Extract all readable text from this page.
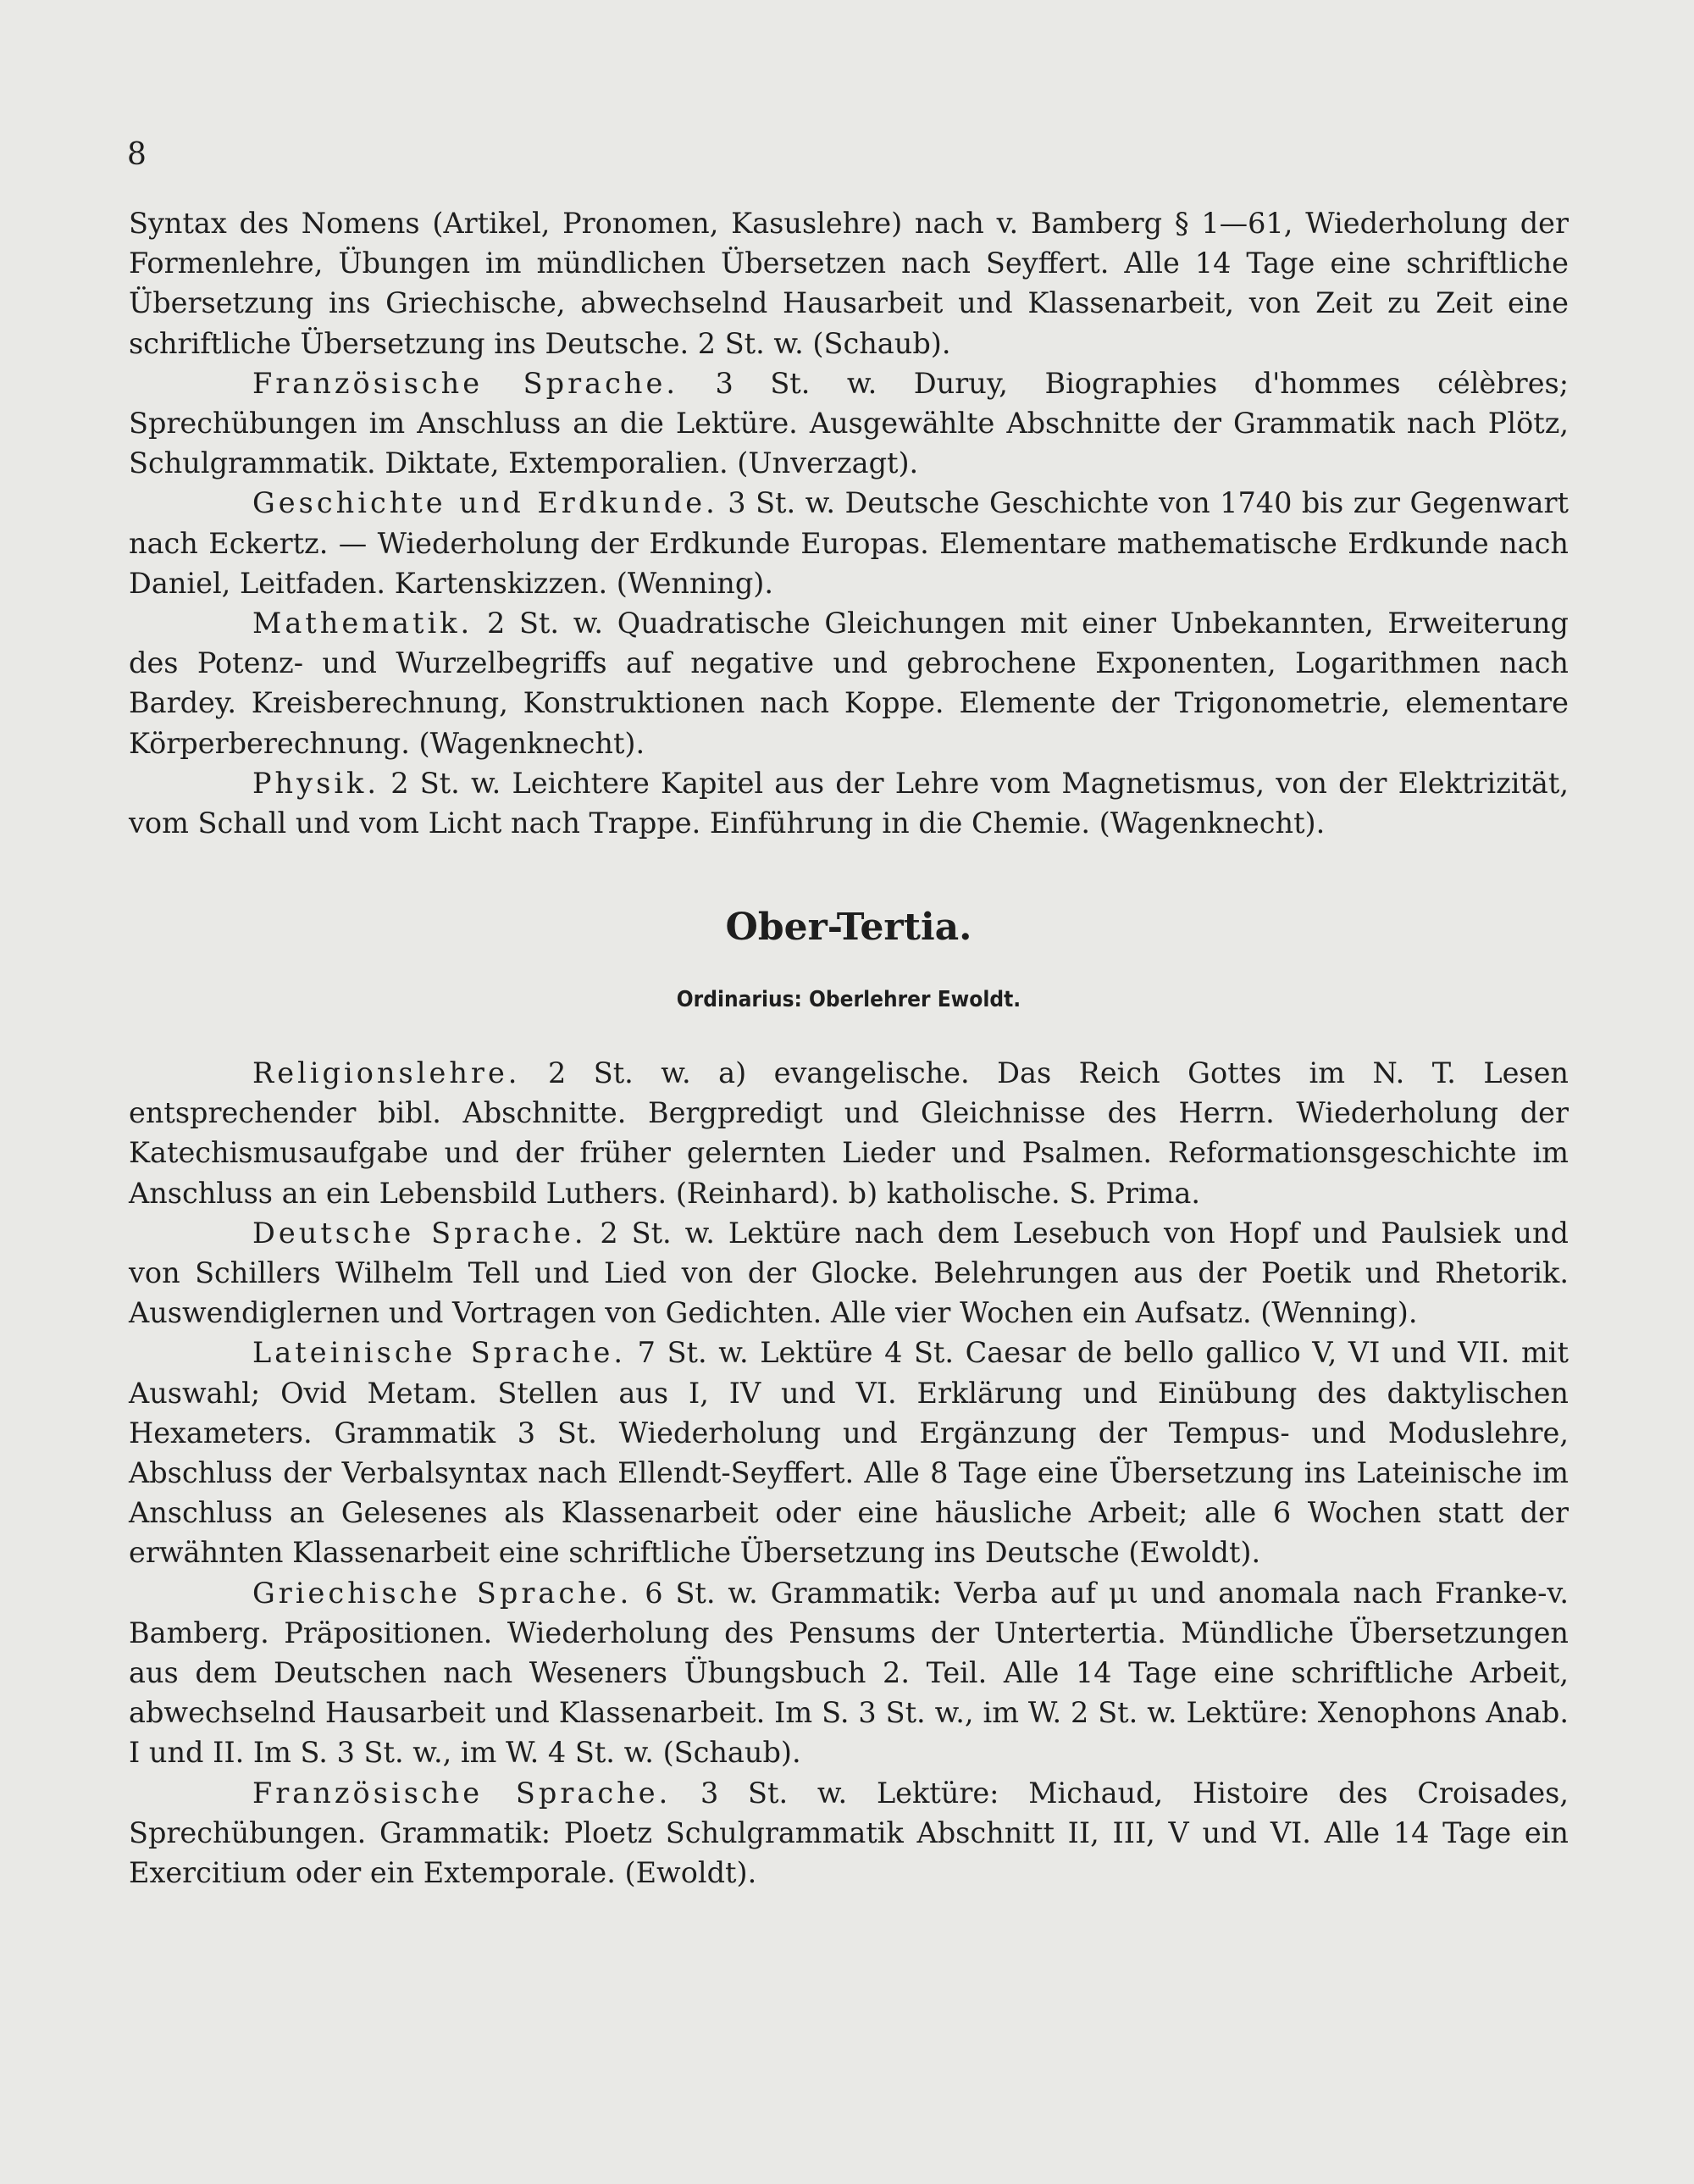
8

Syntax des Nomens (Artikel, Pronomen, Kasuslehre) nach v. Bamberg § 1—61, Wiederholung der Formenlehre, Übungen im mündlichen Übersetzen nach Seyffert. Alle 14 Tage eine schriftliche Übersetzung ins Griechische, abwechselnd Hausarbeit und Klassenarbeit, von Zeit zu Zeit eine schriftliche Übersetzung ins Deutsche. 2 St. w. (Schaub).

Französische Sprache. 3 St. w. Duruy, Biographies d'hommes célèbres; Sprechübungen im Anschluss an die Lektüre. Ausgewählte Abschnitte der Grammatik nach Plötz, Schulgrammatik. Diktate, Extemporalien. (Unverzagt).

Geschichte und Erdkunde. 3 St. w. Deutsche Geschichte von 1740 bis zur Gegenwart nach Eckertz. — Wiederholung der Erdkunde Europas. Elementare mathematische Erdkunde nach Daniel, Leitfaden. Kartenskizzen. (Wenning).

Mathematik. 2 St. w. Quadratische Gleichungen mit einer Unbekannten, Erweiterung des Potenz- und Wurzelbegriffs auf negative und gebrochene Exponenten, Logarithmen nach Bardey. Kreisberechnung, Konstruktionen nach Koppe. Elemente der Trigonometrie, elementare Körperberechnung. (Wagenknecht).

Physik. 2 St. w. Leichtere Kapitel aus der Lehre vom Magnetismus, von der Elektrizität, vom Schall und vom Licht nach Trappe. Einführung in die Chemie. (Wagenknecht).

Ober-Tertia.
Ordinarius: Oberlehrer Ewoldt.

Religionslehre. 2 St. w. a) evangelische. Das Reich Gottes im N. T. Lesen entsprechender bibl. Abschnitte. Bergpredigt und Gleichnisse des Herrn. Wiederholung der Katechismusaufgabe und der früher gelernten Lieder und Psalmen. Reformationsgeschichte im Anschluss an ein Lebensbild Luthers. (Reinhard). b) katholische. S. Prima.

Deutsche Sprache. 2 St. w. Lektüre nach dem Lesebuch von Hopf und Paulsiek und von Schillers Wilhelm Tell und Lied von der Glocke. Belehrungen aus der Poetik und Rhetorik. Auswendiglernen und Vortragen von Gedichten. Alle vier Wochen ein Aufsatz. (Wenning).

Lateinische Sprache. 7 St. w. Lektüre 4 St. Caesar de bello gallico V, VI und VII. mit Auswahl; Ovid Metam. Stellen aus I, IV und VI. Erklärung und Einübung des daktylischen Hexameters. Grammatik 3 St. Wiederholung und Ergänzung der Tempus- und Moduslehre, Abschluss der Verbalsyntax nach Ellendt-Seyffert. Alle 8 Tage eine Übersetzung ins Lateinische im Anschluss an Gelesenes als Klassenarbeit oder eine häusliche Arbeit; alle 6 Wochen statt der erwähnten Klassenarbeit eine schriftliche Übersetzung ins Deutsche (Ewoldt).

Griechische Sprache. 6 St. w. Grammatik: Verba auf μι und anomala nach Franke-v. Bamberg. Präpositionen. Wiederholung des Pensums der Untertertia. Mündliche Übersetzungen aus dem Deutschen nach Weseners Übungsbuch 2. Teil. Alle 14 Tage eine schriftliche Arbeit, abwechselnd Hausarbeit und Klassenarbeit. Im S. 3 St. w., im W. 2 St. w. Lektüre: Xenophons Anab. I und II. Im S. 3 St. w., im W. 4 St. w. (Schaub).

Französische Sprache. 3 St. w. Lektüre: Michaud, Histoire des Croisades, Sprechübungen. Grammatik: Ploetz Schulgrammatik Abschnitt II, III, V und VI. Alle 14 Tage ein Exercitium oder ein Extemporale. (Ewoldt).
